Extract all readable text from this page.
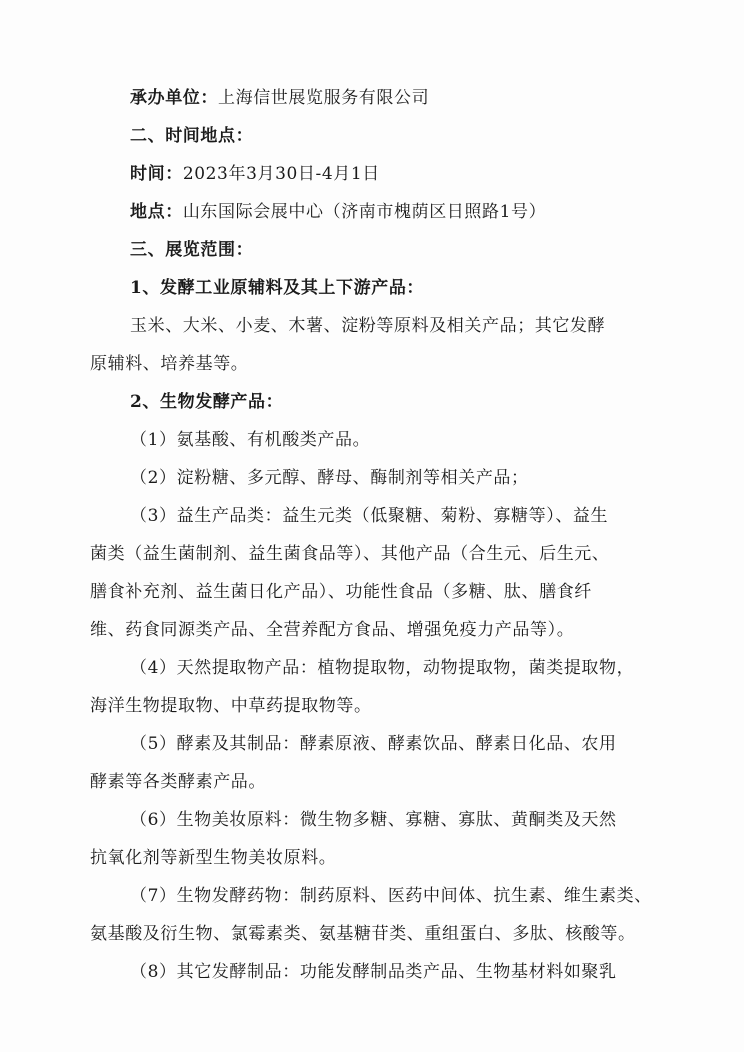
承办单位：上海信世展览服务有限公司
二、时间地点：
时间：2023年3月30日-4月1日
地点：山东国际会展中心（济南市槐荫区日照路1号）
三、展览范围：
1、发酵工业原辅料及其上下游产品：
玉米、大米、小麦、木薯、淀粉等原料及相关产品；其它发酵
原辅料、培养基等。
2、生物发酵产品：
（1）氨基酸、有机酸类产品。
（2）淀粉糖、多元醇、酵母、酶制剂等相关产品；
（3）益生产品类：益生元类（低聚糖、菊粉、寡糖等）、益生
菌类（益生菌制剂、益生菌食品等）、其他产品（合生元、后生元、
膳食补充剂、益生菌日化产品）、功能性食品（多糖、肽、膳食纤
维、药食同源类产品、全营养配方食品、增强免疫力产品等）。
（4）天然提取物产品：植物提取物，动物提取物，菌类提取物，
海洋生物提取物、中草药提取物等。
（5）酵素及其制品：酵素原液、酵素饮品、酵素日化品、农用
酵素等各类酵素产品。
（6）生物美妆原料：微生物多糖、寡糖、寡肽、黄酮类及天然
抗氧化剂等新型生物美妆原料。
（7）生物发酵药物：制药原料、医药中间体、抗生素、维生素类、
氨基酸及衍生物、氯霉素类、氨基糖苷类、重组蛋白、多肽、核酸等。
（8）其它发酵制品：功能发酵制品类产品、生物基材料如聚乳
